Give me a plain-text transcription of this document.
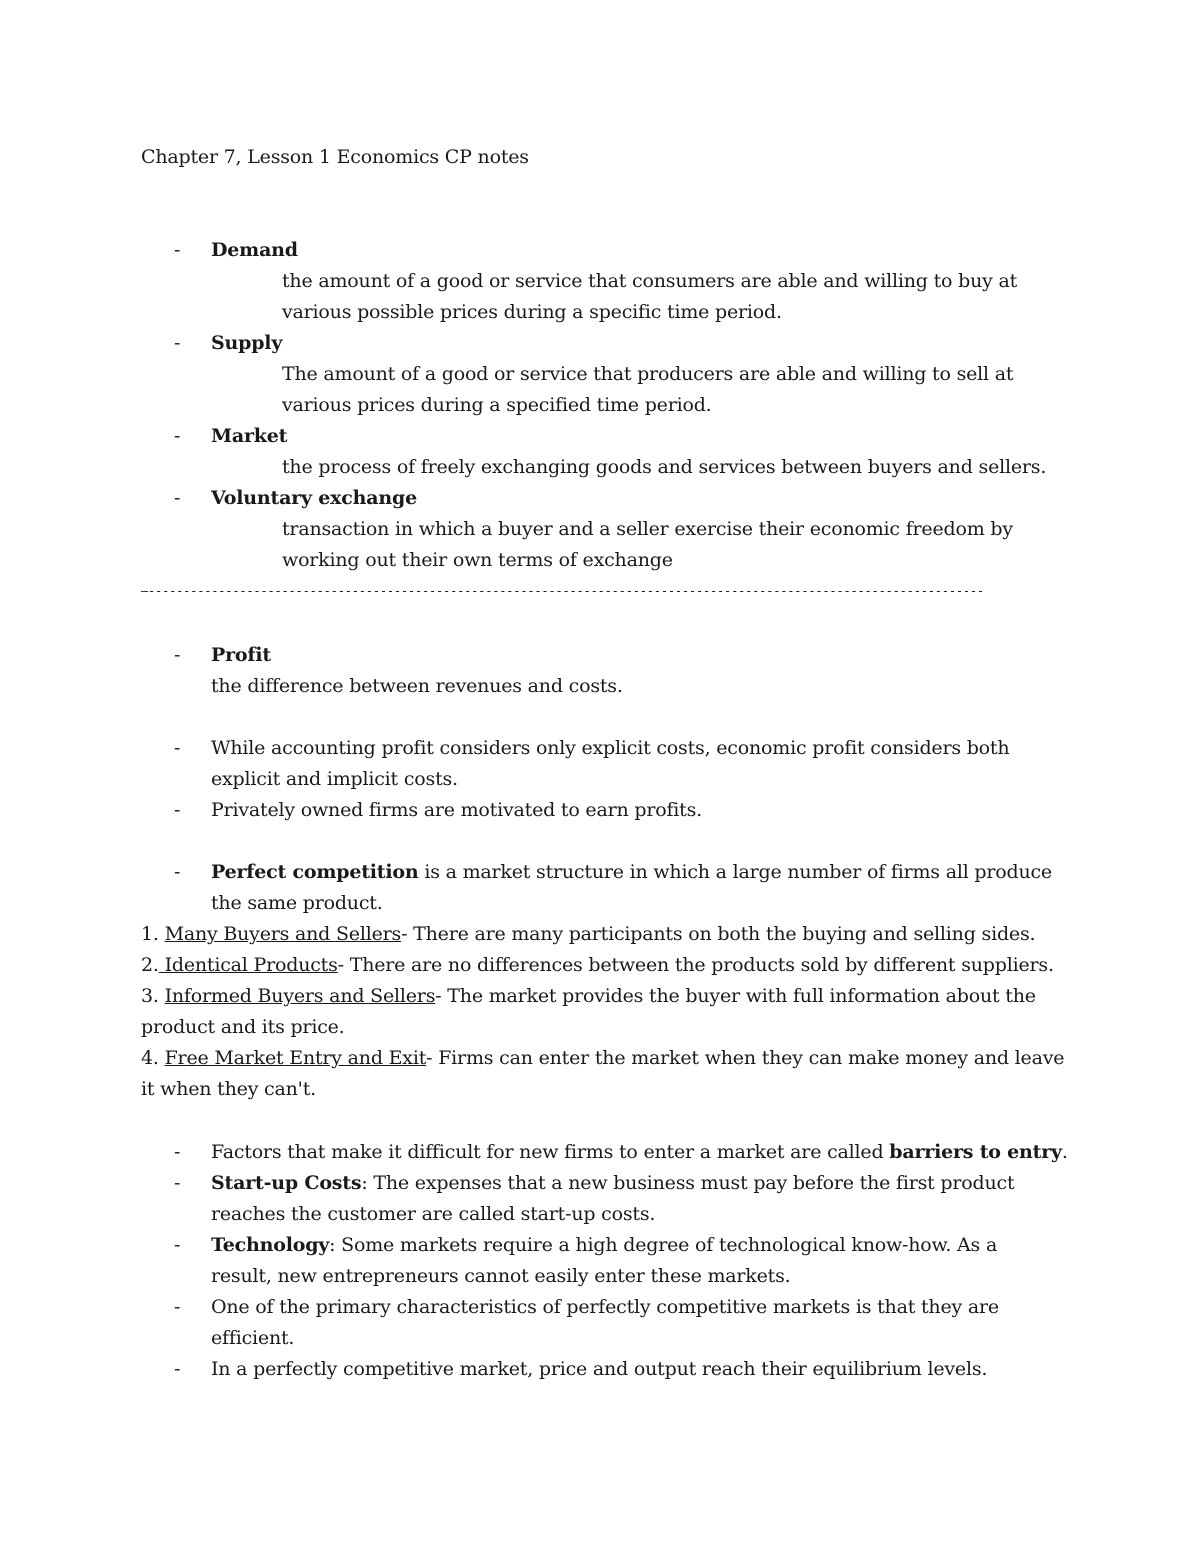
Chapter 7, Lesson 1 Economics CP notes
- Demand
the amount of a good or service that consumers are able and willing to buy at
various possible prices during a specific time period.
- Supply
The amount of a good or service that producers are able and willing to sell at
various prices during a specified time period.
- Market
the process of freely exchanging goods and services between buyers and sellers.
- Voluntary exchange
transaction in which a buyer and a seller exercise their economic freedom by
working out their own terms of exchange
—-----------------------------------------------------------------------------------------------------------------------
- Profit
the difference between revenues and costs.
- While accounting profit considers only explicit costs, economic profit considers both
explicit and implicit costs.
- Privately owned firms are motivated to earn profits.
- Perfect competition is a market structure in which a large number of firms all produce
the same product.
1. Many Buyers and Sellers- There are many participants on both the buying and selling sides.
2. Identical Products- There are no differences between the products sold by different suppliers.
3. Informed Buyers and Sellers- The market provides the buyer with full information about the
product and its price.
4. Free Market Entry and Exit- Firms can enter the market when they can make money and leave
it when they can't.
- Factors that make it difficult for new firms to enter a market are called barriers to entry.
- Start-up Costs: The expenses that a new business must pay before the first product
reaches the customer are called start-up costs.
- Technology: Some markets require a high degree of technological know-how. As a
result, new entrepreneurs cannot easily enter these markets.
- One of the primary characteristics of perfectly competitive markets is that they are
efficient.
- In a perfectly competitive market, price and output reach their equilibrium levels.
